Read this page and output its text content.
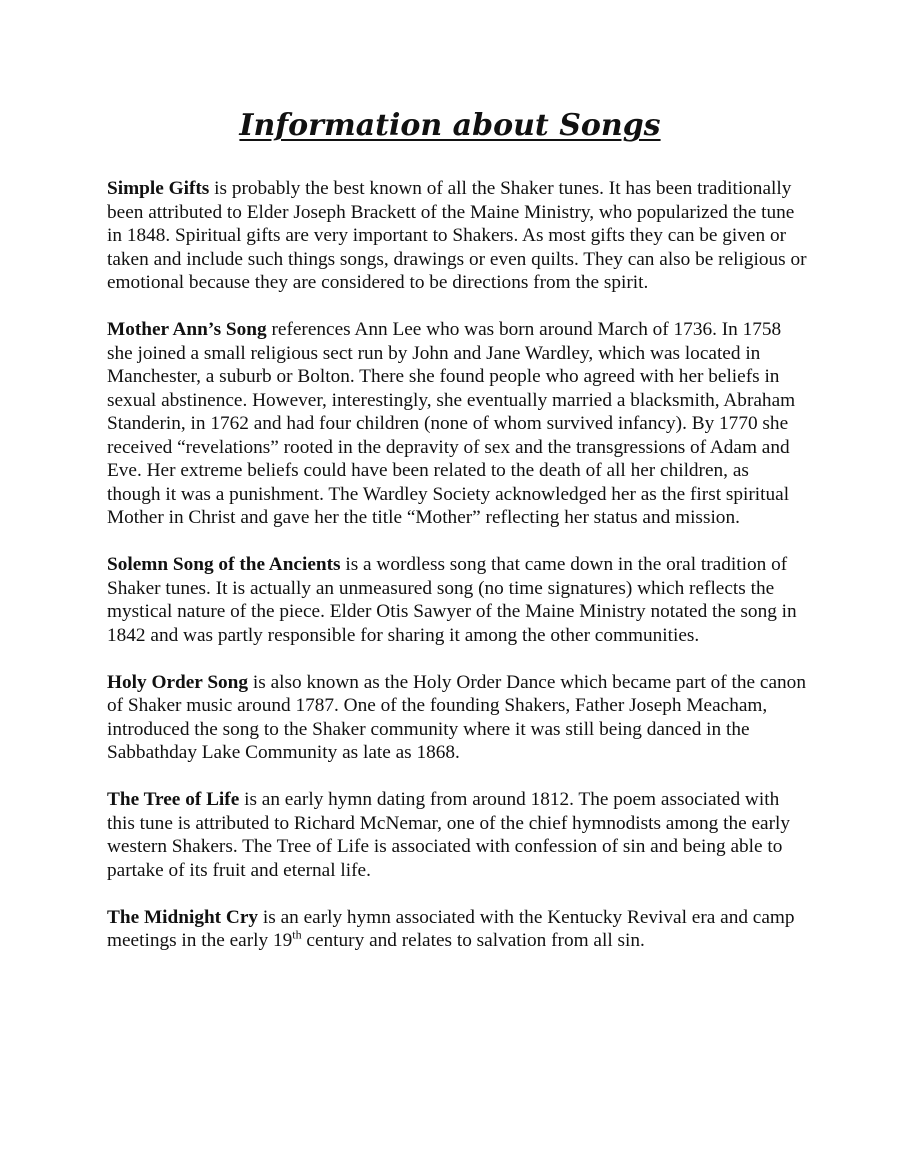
Information about Songs

Simple Gifts is probably the best known of all the Shaker tunes. It has been traditionally been attributed to Elder Joseph Brackett of the Maine Ministry, who popularized the tune in 1848. Spiritual gifts are very important to Shakers. As most gifts they can be given or taken and include such things songs, drawings or even quilts. They can also be religious or emotional because they are considered to be directions from the spirit.

Mother Ann’s Song references Ann Lee who was born around March of 1736. In 1758 she joined a small religious sect run by John and Jane Wardley, which was located in Manchester, a suburb or Bolton. There she found people who agreed with her beliefs in sexual abstinence. However, interestingly, she eventually married a blacksmith, Abraham Standerin, in 1762 and had four children (none of whom survived infancy). By 1770 she received “revelations” rooted in the depravity of sex and the transgressions of Adam and Eve. Her extreme beliefs could have been related to the death of all her children, as though it was a punishment. The Wardley Society acknowledged her as the first spiritual Mother in Christ and gave her the title “Mother” reflecting her status and mission.

Solemn Song of the Ancients is a wordless song that came down in the oral tradition of Shaker tunes. It is actually an unmeasured song (no time signatures) which reflects the mystical nature of the piece. Elder Otis Sawyer of the Maine Ministry notated the song in 1842 and was partly responsible for sharing it among the other communities.

Holy Order Song is also known as the Holy Order Dance which became part of the canon of Shaker music around 1787. One of the founding Shakers, Father Joseph Meacham, introduced the song to the Shaker community where it was still being danced in the Sabbathday Lake Community as late as 1868.

The Tree of Life is an early hymn dating from around 1812. The poem associated with this tune is attributed to Richard McNemar, one of the chief hymnodists among the early western Shakers. The Tree of Life is associated with confession of sin and being able to partake of its fruit and eternal life.

The Midnight Cry is an early hymn associated with the Kentucky Revival era and camp meetings in the early 19th century and relates to salvation from all sin.
